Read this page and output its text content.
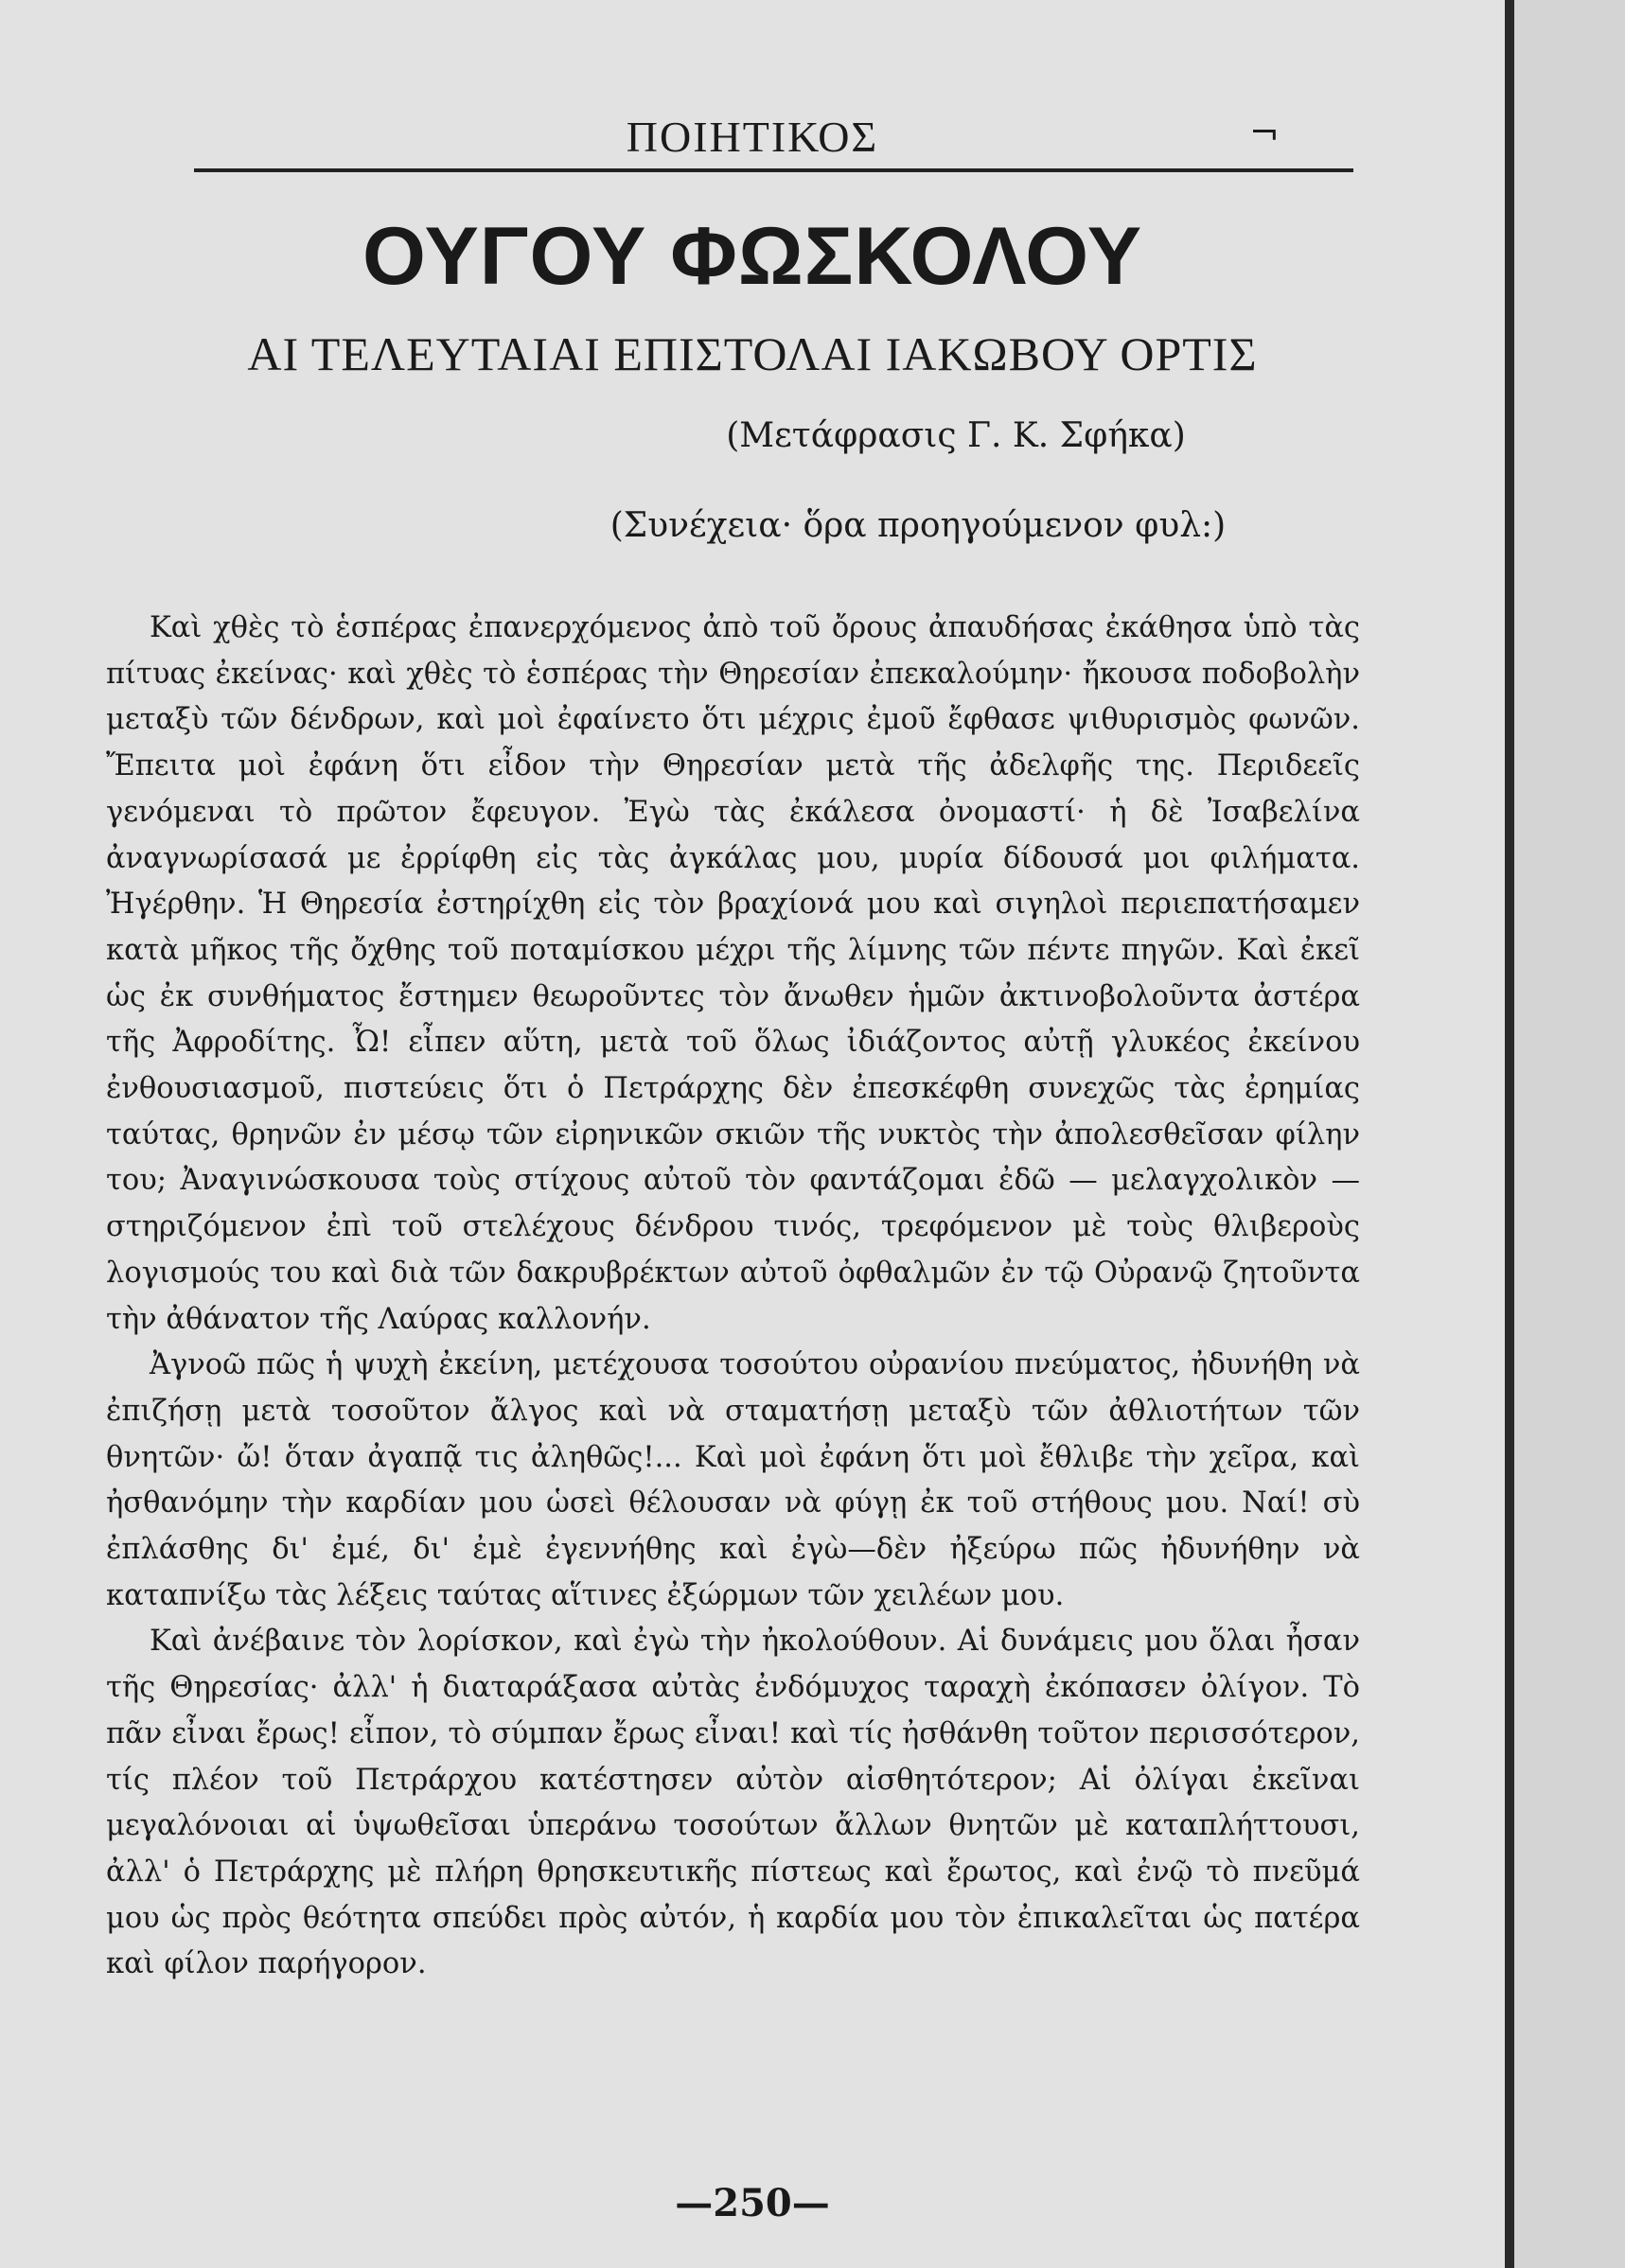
ΠΟΙΗΤΙΚΟΣ	¬
ΟΥΓΟΥ ΦΩΣΚΟΛΟΥ
ΑΙ ΤΕΛΕΥΤΑΙΑΙ ΕΠΙΣΤΟΛΑΙ ΙΑΚΩΒΟΥ ΟΡΤΙΣ
(Μετάφρασις Γ. Κ. Σφήκα)
(Συνέχεια· ὅρα προηγούμενον φυλ:)

Καὶ χθὲς τὸ ἑσπέρας ἐπανερχόμενος ἀπὸ τοῦ ὄρους ἀπαυδήσας ἐκάθησα ὑπὸ τὰς πίτυας ἐκείνας· καὶ χθὲς τὸ ἑσπέρας τὴν Θηρεσίαν ἐπεκαλούμην· ἤκουσα ποδοβολὴν μεταξὺ τῶν δένδρων, καὶ μοὶ ἐφαίνετο ὅτι μέχρις ἐμοῦ ἔφθασε ψιθυρισμὸς φωνῶν. Ἔπειτα μοὶ ἐφάνη ὅτι εἶδον τὴν Θηρεσίαν μετὰ τῆς ἀδελφῆς της. Περιδεεῖς γενόμεναι τὸ πρῶτον ἔφευγον. Ἐγὼ τὰς ἐκάλεσα ὀνομαστί· ἡ δὲ Ἰσαβελίνα ἀναγνωρίσασά με ἐρρίφθη εἰς τὰς ἀγκάλας μου, μυρία δίδουσά μοι φιλήματα. Ἠγέρθην. Ἡ Θηρεσία ἐστηρίχθη εἰς τὸν βραχίονά μου καὶ σιγηλοὶ περιεπατήσαμεν κατὰ μῆκος τῆς ὄχθης τοῦ ποταμίσκου μέχρι τῆς λίμνης τῶν πέντε πηγῶν. Καὶ ἐκεῖ ὡς ἐκ συνθήματος ἔστημεν θεωροῦντες τὸν ἄνωθεν ἡμῶν ἀκτινοβολοῦντα ἀστέρα τῆς Ἀφροδίτης. Ὦ! εἶπεν αὕτη, μετὰ τοῦ ὅλως ἰδιάζοντος αὐτῇ γλυκέος ἐκείνου ἐνθουσιασμοῦ, πιστεύεις ὅτι ὁ Πετράρχης δὲν ἐπεσκέφθη συνεχῶς τὰς ἐρημίας ταύτας, θρηνῶν ἐν μέσῳ τῶν εἰρηνικῶν σκιῶν τῆς νυκτὸς τὴν ἀπολεσθεῖσαν φίλην του; Ἀναγινώσκουσα τοὺς στίχους αὐτοῦ τὸν φαντάζομαι ἐδῶ — μελαγχολικὸν — στηριζόμενον ἐπὶ τοῦ στελέχους δένδρου τινός, τρεφόμενον μὲ τοὺς θλιβεροὺς λογισμούς του καὶ διὰ τῶν δακρυβρέκτων αὐτοῦ ὀφθαλμῶν ἐν τῷ Οὐρανῷ ζητοῦντα τὴν ἀθάνατον τῆς Λαύρας καλλονήν.

Ἀγνοῶ πῶς ἡ ψυχὴ ἐκείνη, μετέχουσα τοσούτου οὐρανίου πνεύματος, ἠδυνήθη νὰ ἐπιζήσῃ μετὰ τοσοῦτον ἄλγος καὶ νὰ σταματήσῃ μεταξὺ τῶν ἀθλιοτήτων τῶν θνητῶν· ὤ! ὅταν ἀγαπᾷ τις ἀληθῶς!... Καὶ μοὶ ἐφάνη ὅτι μοὶ ἔθλιβε τὴν χεῖρα, καὶ ἠσθανόμην τὴν καρδίαν μου ὡσεὶ θέλουσαν νὰ φύγῃ ἐκ τοῦ στήθους μου. Ναί! σὺ ἐπλάσθης δι' ἐμέ, δι' ἐμὲ ἐγεννήθης καὶ ἐγὼ—δὲν ἠξεύρω πῶς ἠδυνήθην νὰ καταπνίξω τὰς λέξεις ταύτας αἵτινες ἐξώρμων τῶν χειλέων μου.

Καὶ ἀνέβαινε τὸν λορίσκον, καὶ ἐγὼ τὴν ἠκολούθουν. Αἱ δυνάμεις μου ὅλαι ἦσαν τῆς Θηρεσίας· ἀλλ' ἡ διαταράξασα αὐτὰς ἐνδόμυχος ταραχὴ ἐκόπασεν ὀλίγον. Τὸ πᾶν εἶναι ἔρως! εἶπον, τὸ σύμπαν ἔρως εἶναι! καὶ τίς ἠσθάνθη τοῦτον περισσότερον, τίς πλέον τοῦ Πετράρχου κατέστησεν αὐτὸν αἰσθητότερον; Αἱ ὀλίγαι ἐκεῖναι μεγαλόνοιαι αἱ ὑψωθεῖσαι ὑπεράνω τοσούτων ἄλλων θνητῶν μὲ καταπλήττουσι, ἀλλ' ὁ Πετράρχης μὲ πλήρη θρησκευτικῆς πίστεως καὶ ἔρωτος, καὶ ἐνῷ τὸ πνεῦμά μου ὡς πρὸς θεότητα σπεύδει πρὸς αὐτόν, ἡ καρδία μου τὸν ἐπικαλεῖται ὡς πατέρα καὶ φίλον παρήγορον.

—250—
